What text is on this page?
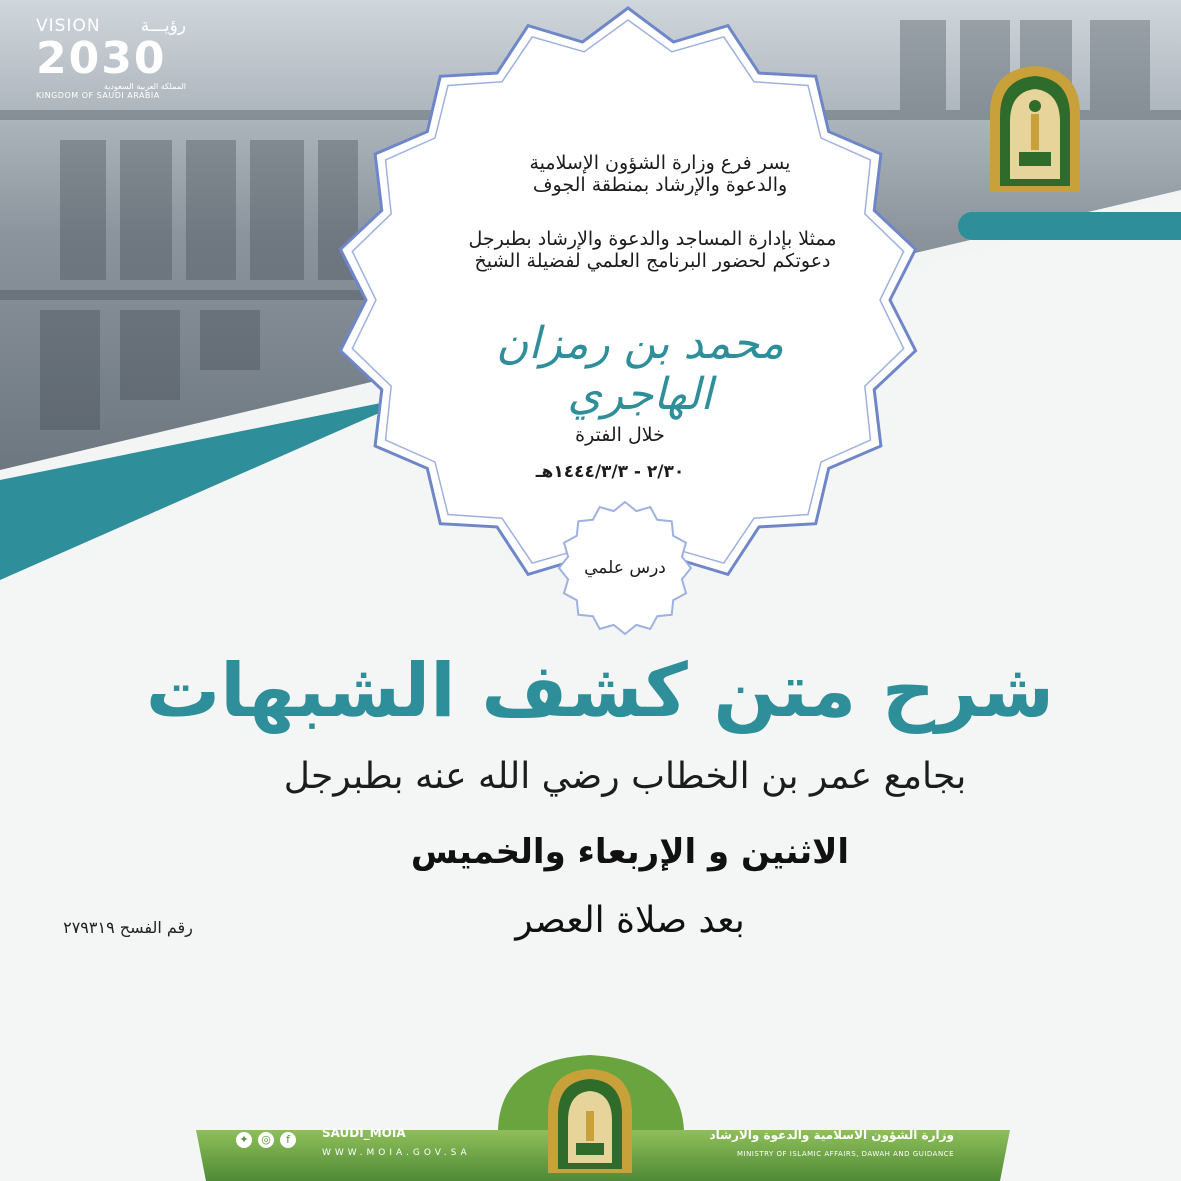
VISION رؤيـــة
2030
المملكة العربية السعودية
KINGDOM OF SAUDI ARABIA
يسر فرع وزارة الشؤون الإسلامية
والدعوة والإرشاد بمنطقة الجوف
ممثلا بإدارة المساجد والدعوة والإرشاد بطبرجل
دعوتكم لحضور البرنامج العلمي لفضيلة الشيخ
محمد بن رمزان الهاجري
خلال الفترة
٢/٣٠ - ١٤٤٤/٣/٣هـ
درس علمي
شرح متن كشف الشبهات
بجامع عمر بن الخطاب رضي الله عنه بطبرجل
الاثنين و الإربعاء والخميس
بعد صلاة العصر
رقم الفسح ٢٧٩٣١٩
✦	◎	f	SAUDI_MOIA
WWW.MOIA.GOV.SA
وزارة الشؤون الاسلامية والدعوة والارشاد
MINISTRY OF ISLAMIC AFFAIRS, DAWAH AND GUIDANCE
